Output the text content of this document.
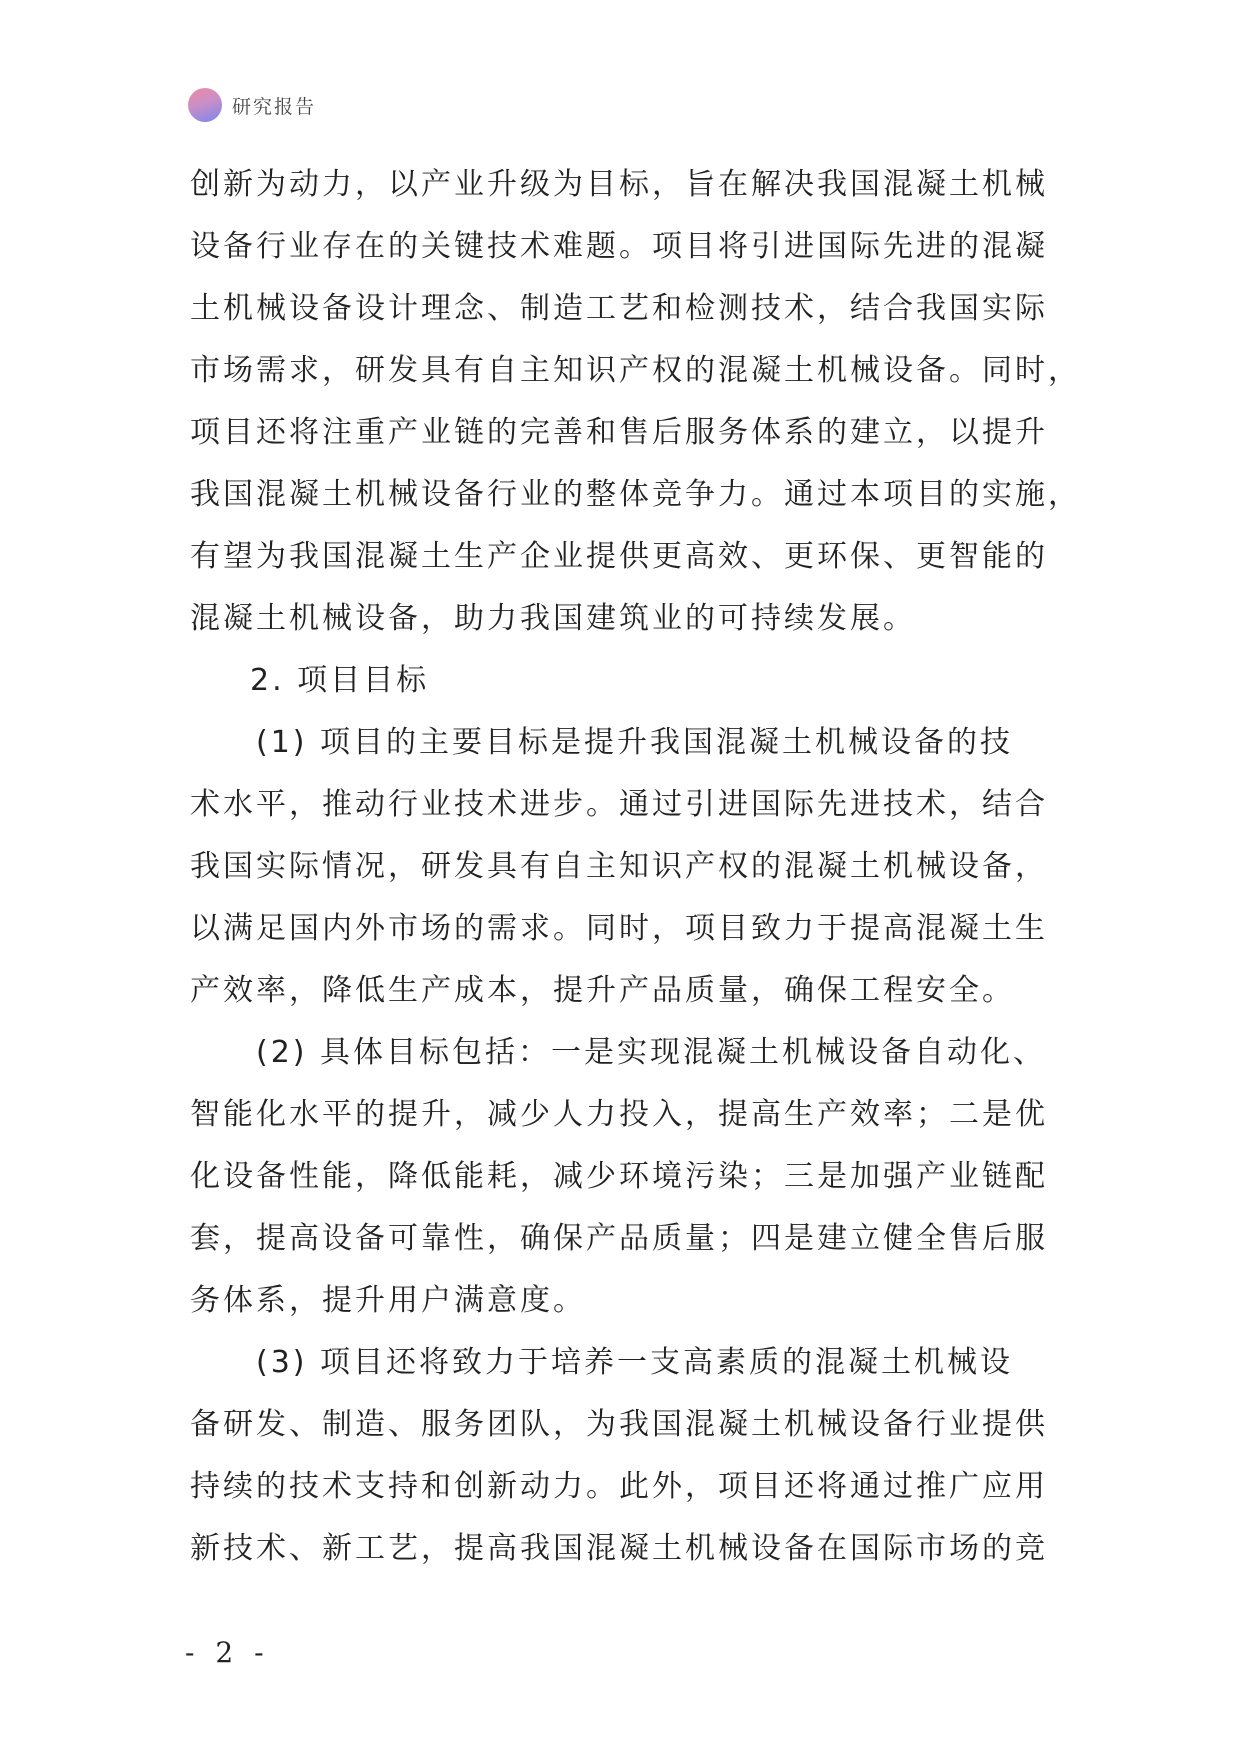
研究报告
创新为动力，以产业升级为目标，旨在解决我国混凝土机械
设备行业存在的关键技术难题。项目将引进国际先进的混凝
土机械设备设计理念、制造工艺和检测技术，结合我国实际
市场需求，研发具有自主知识产权的混凝土机械设备。同时，
项目还将注重产业链的完善和售后服务体系的建立，以提升
我国混凝土机械设备行业的整体竞争力。通过本项目的实施，
有望为我国混凝土生产企业提供更高效、更环保、更智能的
混凝土机械设备，助力我国建筑业的可持续发展。
2. 项目目标
(1) 项目的主要目标是提升我国混凝土机械设备的技
术水平，推动行业技术进步。通过引进国际先进技术，结合
我国实际情况，研发具有自主知识产权的混凝土机械设备，
以满足国内外市场的需求。同时，项目致力于提高混凝土生
产效率，降低生产成本，提升产品质量，确保工程安全。
(2) 具体目标包括：一是实现混凝土机械设备自动化、
智能化水平的提升，减少人力投入，提高生产效率；二是优
化设备性能，降低能耗，减少环境污染；三是加强产业链配
套，提高设备可靠性，确保产品质量；四是建立健全售后服
务体系，提升用户满意度。
(3) 项目还将致力于培养一支高素质的混凝土机械设
备研发、制造、服务团队，为我国混凝土机械设备行业提供
持续的技术支持和创新动力。此外，项目还将通过推广应用
新技术、新工艺，提高我国混凝土机械设备在国际市场的竞
- 2 -
